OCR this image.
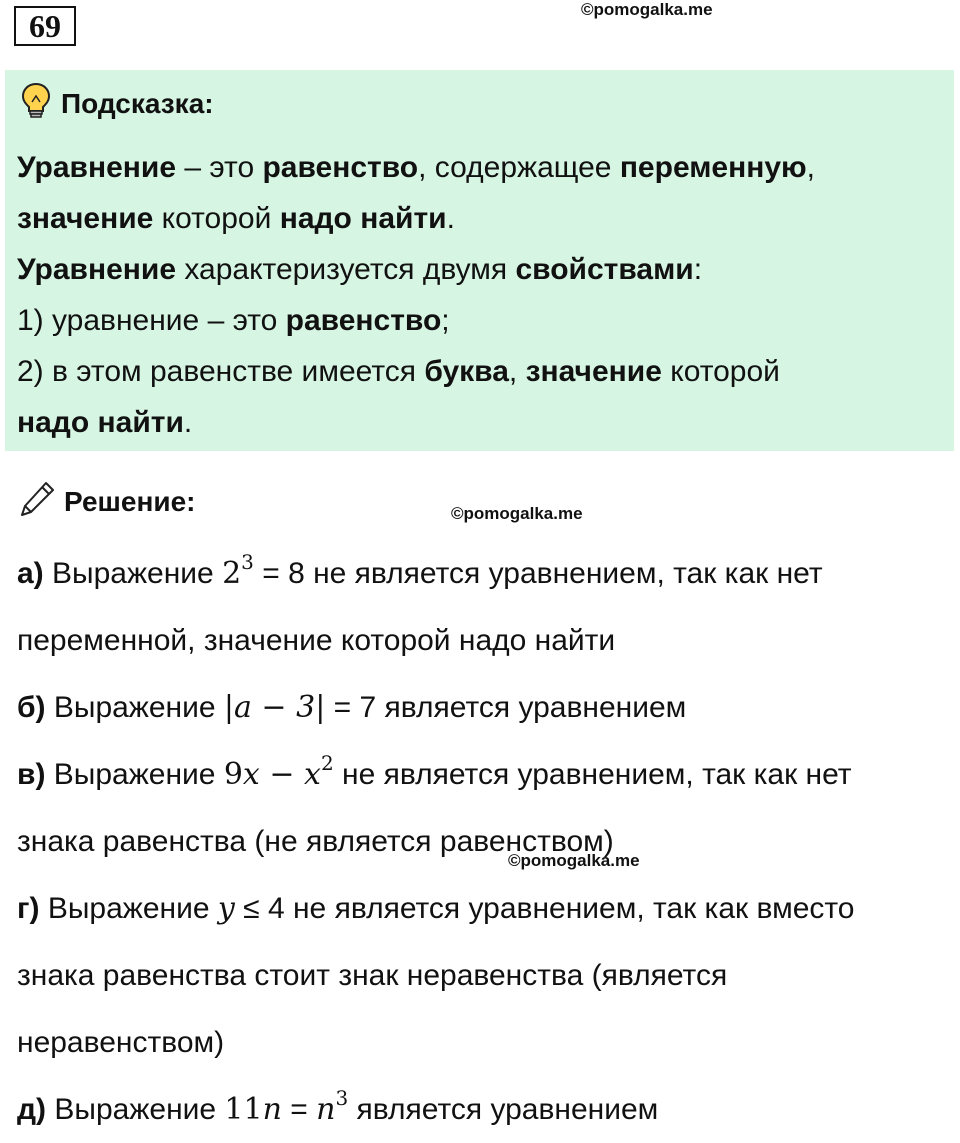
69	©pomogalka.me
Подсказка:

Уравнение – это равенство, содержащее переменную,

значение которой надо найти.

Уравнение характеризуется двумя свойствами:

1) уравнение – это равенство;

2) в этом равенстве имеется буква, значение которой

надо найти.

Решение:	©pomogalka.me

а) Выражение $2^3 = 8$ не является уравнением, так как нет

переменной, значение которой надо найти

б) Выражение |a − 3| = 7 является уравнением

в) Выражение $9x - x^2$ не является уравнением, так как нет

знака равенства (не является равенством)

г) Выражение y ≤ 4 не является уравнением, так как вместо

знака равенства стоит знак неравенства (является

неравенством)

д) Выражение $11n = n^3$ является уравнением

©pomogalka.me
